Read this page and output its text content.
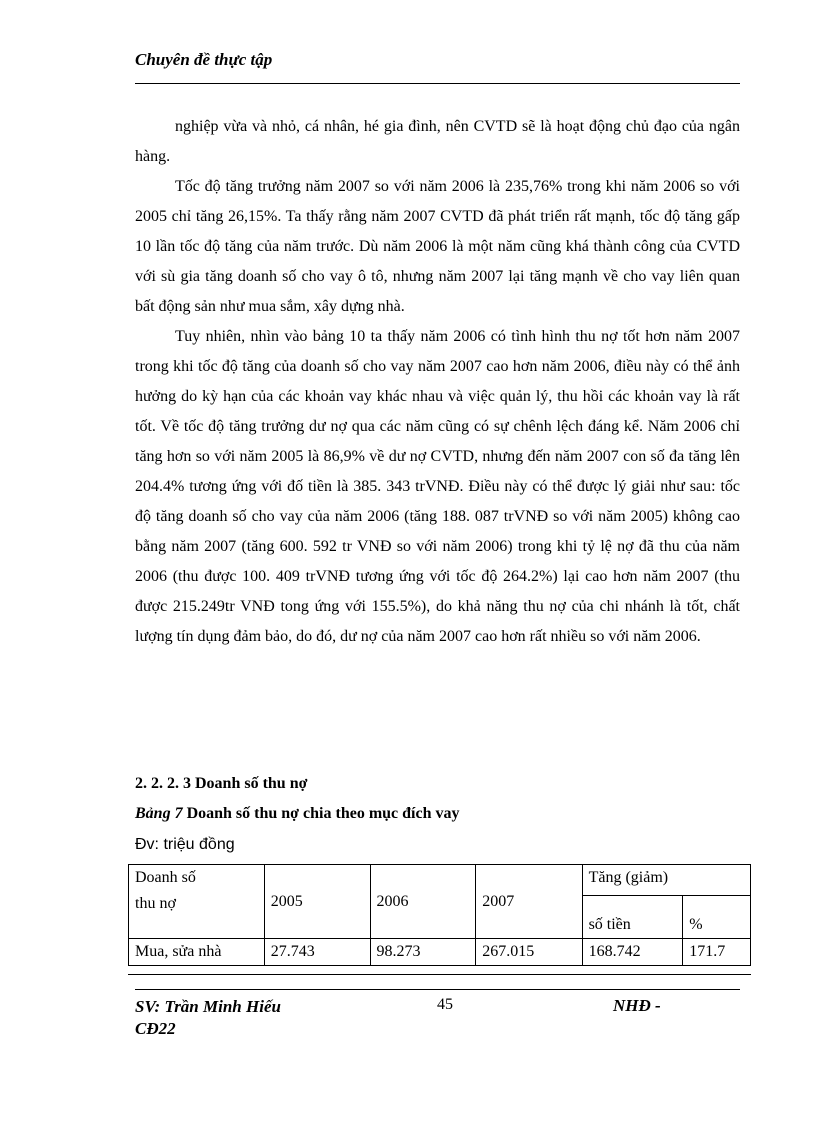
Chuyên đề thực tập

nghiệp vừa và nhỏ, cá nhân, hé gia đình, nên CVTD sẽ là hoạt động chủ đạo của ngân hàng.

Tốc độ tăng trưởng năm 2007 so với năm 2006 là 235,76% trong khi năm 2006 so với 2005 chỉ tăng 26,15%. Ta thấy rằng năm 2007 CVTD đã phát triển rất mạnh, tốc độ tăng gấp 10 lần tốc độ tăng của năm trước. Dù năm 2006 là một năm cũng khá thành công của CVTD với sù gia tăng doanh số cho vay ô tô, nhưng năm 2007 lại tăng mạnh về cho vay liên quan bất động sản như mua sắm, xây dựng nhà.

Tuy nhiên, nhìn vào bảng 10 ta thấy năm 2006 có tình hình thu nợ tốt hơn năm 2007 trong khi tốc độ tăng của doanh số cho vay năm 2007 cao hơn năm 2006, điều này có thể ảnh hưởng do kỳ hạn của các khoản vay khác nhau và việc quản lý, thu hồi các khoản vay là rất tốt. Về tốc độ tăng trưởng dư nợ qua các năm cũng có sự chênh lệch đáng kể. Năm 2006 chỉ tăng hơn so với năm 2005 là 86,9% về dư nợ CVTD, nhưng đến năm 2007 con số đa tăng lên 204.4% tương ứng với đố tiền là 385. 343 trVNĐ. Điều này có thể được lý giải như sau: tốc độ tăng doanh số cho vay của năm 2006 (tăng 188. 087 trVNĐ so với năm 2005) không cao bằng năm 2007 (tăng 600. 592 tr VNĐ so với năm 2006) trong khi tỷ lệ nợ đã thu của năm 2006 (thu được 100. 409 trVNĐ tương ứng với tốc độ 264.2%) lại cao hơn năm 2007 (thu được 215.249tr VNĐ tong ứng với 155.5%), do khả năng thu nợ của chi nhánh là tốt, chất lượng tín dụng đảm bảo, do đó, dư nợ của năm 2007 cao hơn rất nhiều so với năm 2006.

2. 2. 2. 3 Doanh số thu nợ
Bảng 7 Doanh số thu nợ chia theo mục đích vay
Đv: triệu đồng
Doanh số
thu nợ	2005	2006	2007	Tăng (giảm)	
				số tiền	%
Mua, sửa nhà	27.743	98.273	267.015	168.742	171.7
SV: Trần Minh Hiếu
CĐ22
45	NHĐ -
